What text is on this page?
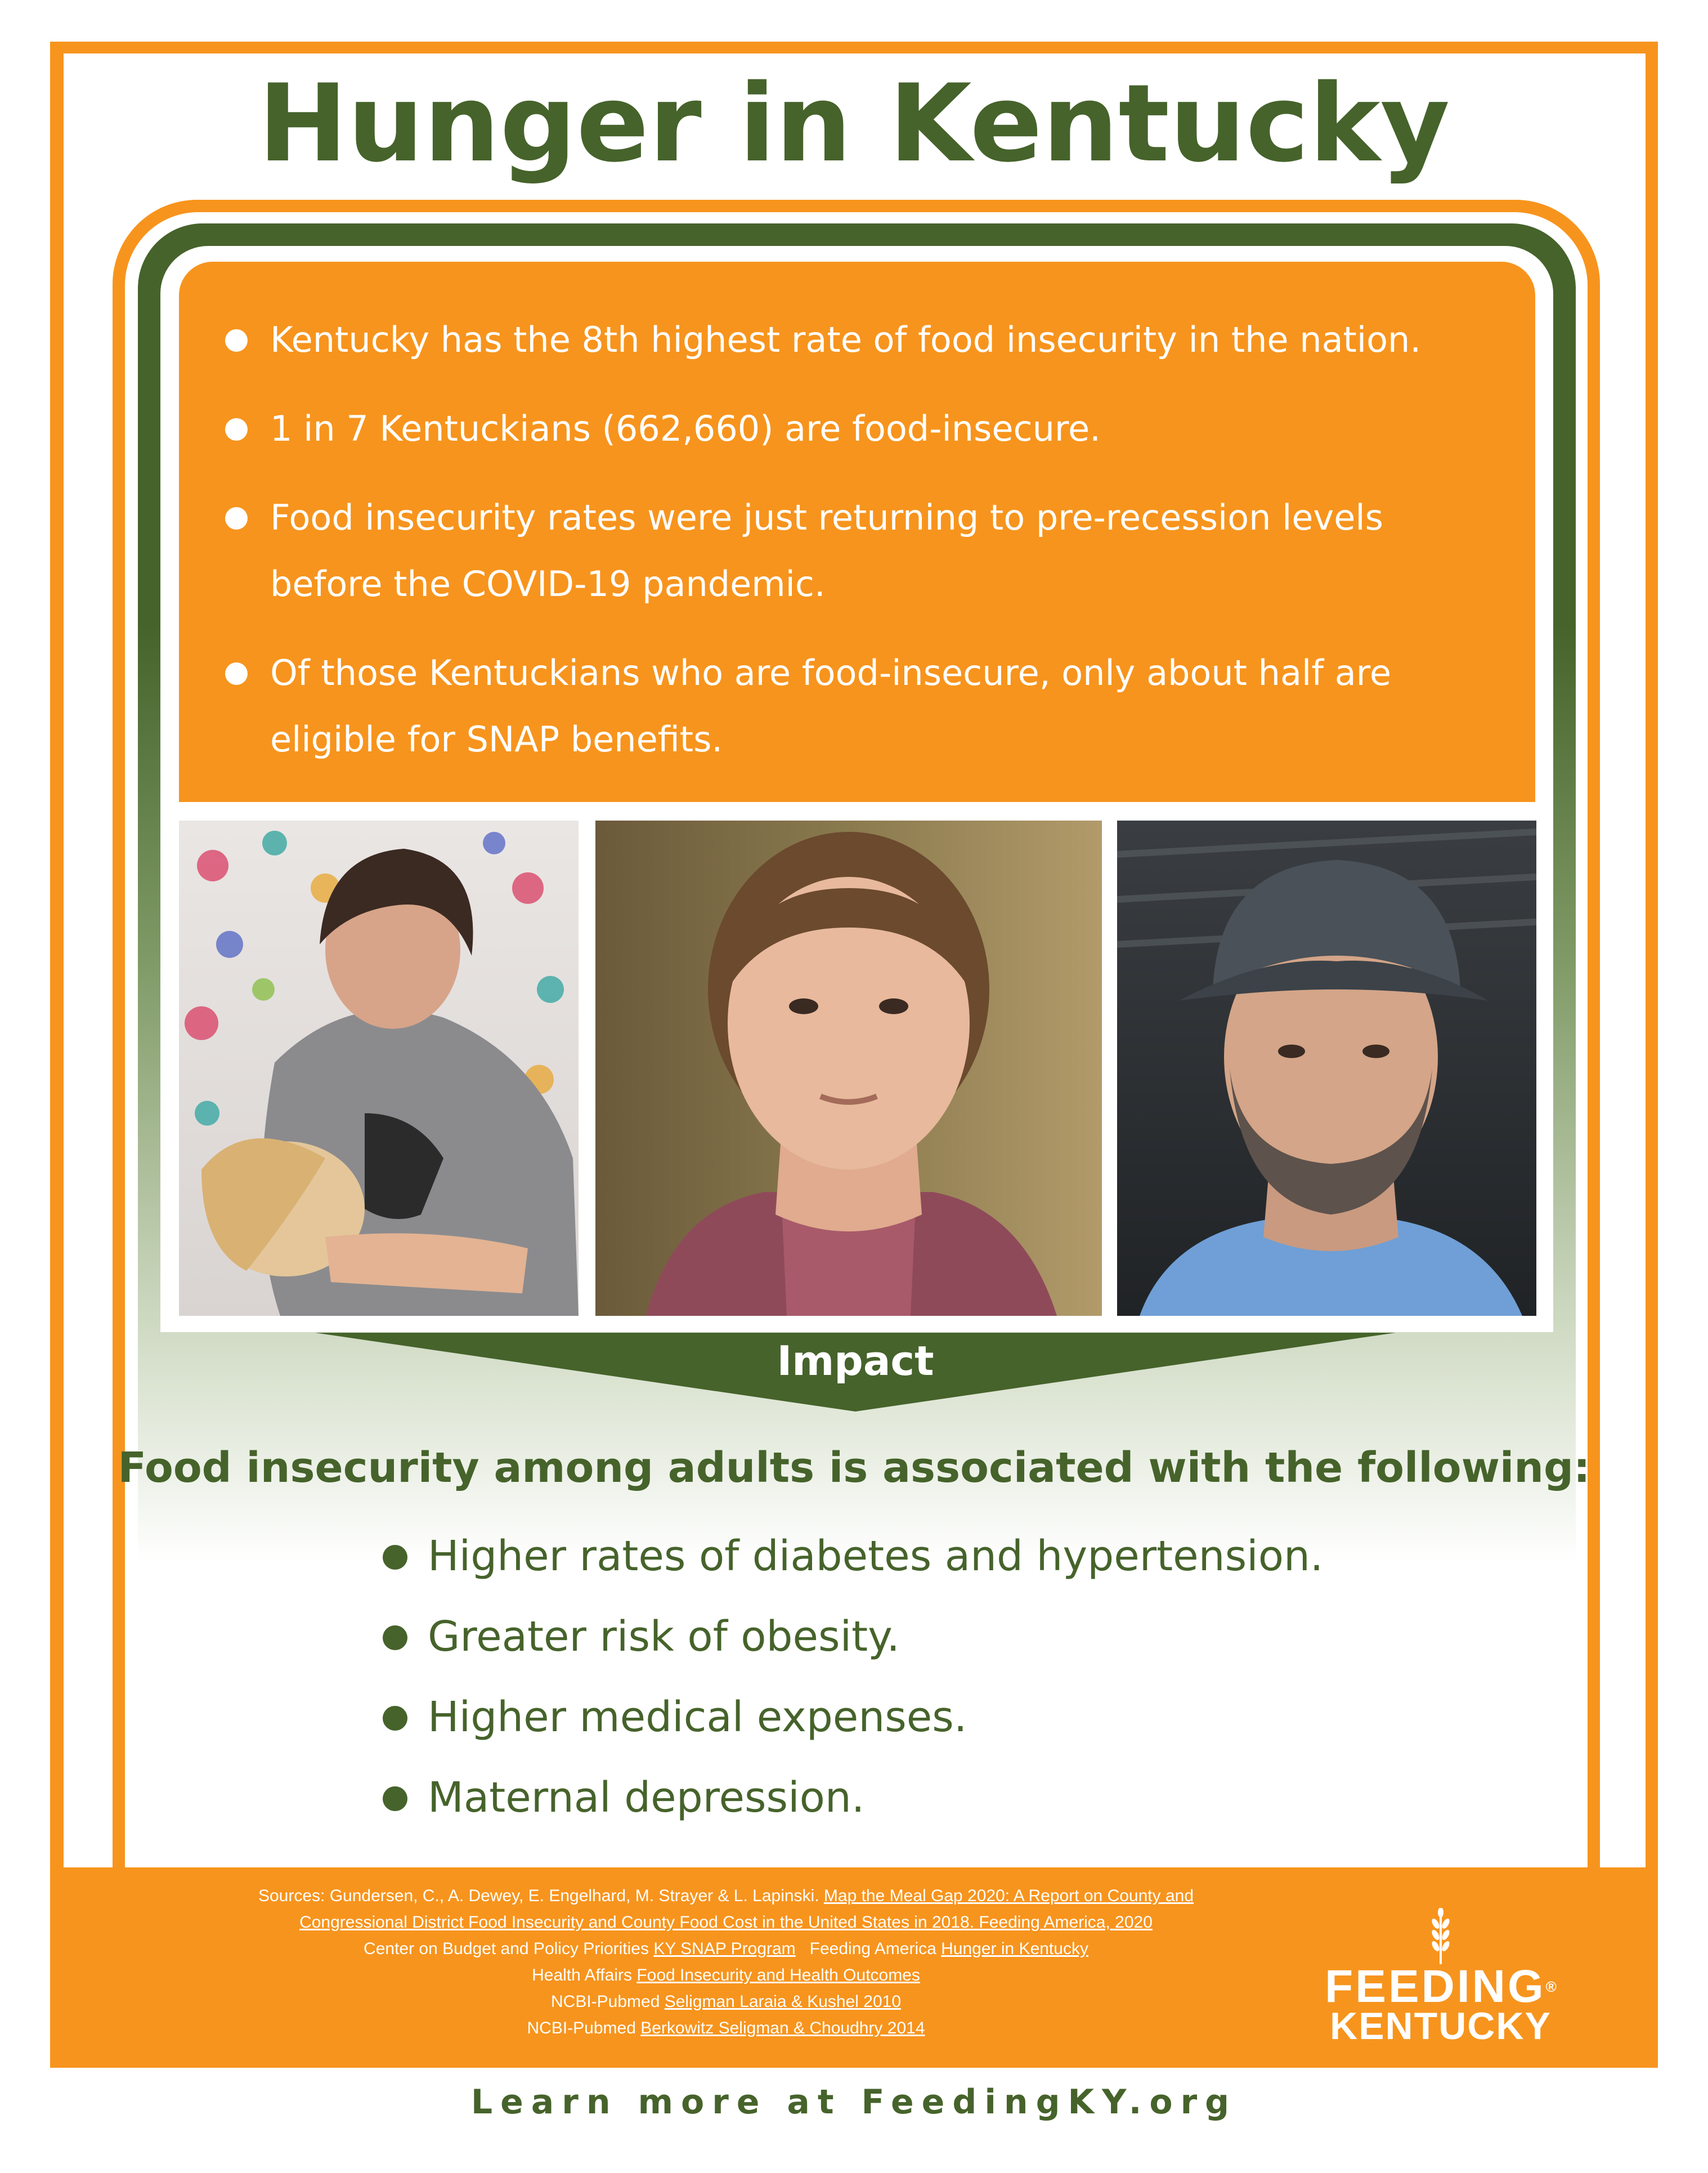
Hunger in Kentucky
Kentucky has the 8th highest rate of food insecurity in the nation.
1 in 7 Kentuckians (662,660) are food-insecure.
Food insecurity rates were just returning to pre-recession levels before the COVID-19 pandemic.
Of those Kentuckians who are food-insecure, only about half are eligible for SNAP benefits.
Impact
Food insecurity among adults is associated with the following:
Higher rates of diabetes and hypertension.
Greater risk of obesity.
Higher medical expenses.
Maternal depression.
Sources: Gundersen, C., A. Dewey, E. Engelhard, M. Strayer & L. Lapinski. Map the Meal Gap 2020: A Report on County and
Congressional District Food Insecurity and County Food Cost in the United States in 2018. Feeding America, 2020
Center on Budget and Policy Priorities KY SNAP Program   Feeding America Hunger in Kentucky
Health Affairs Food Insecurity and Health Outcomes
NCBI-Pubmed Seligman Laraia & Kushel 2010
NCBI-Pubmed Berkowitz Seligman & Choudhry 2014
FEEDING®
KENTUCKY
Learn more at FeedingKY.org
